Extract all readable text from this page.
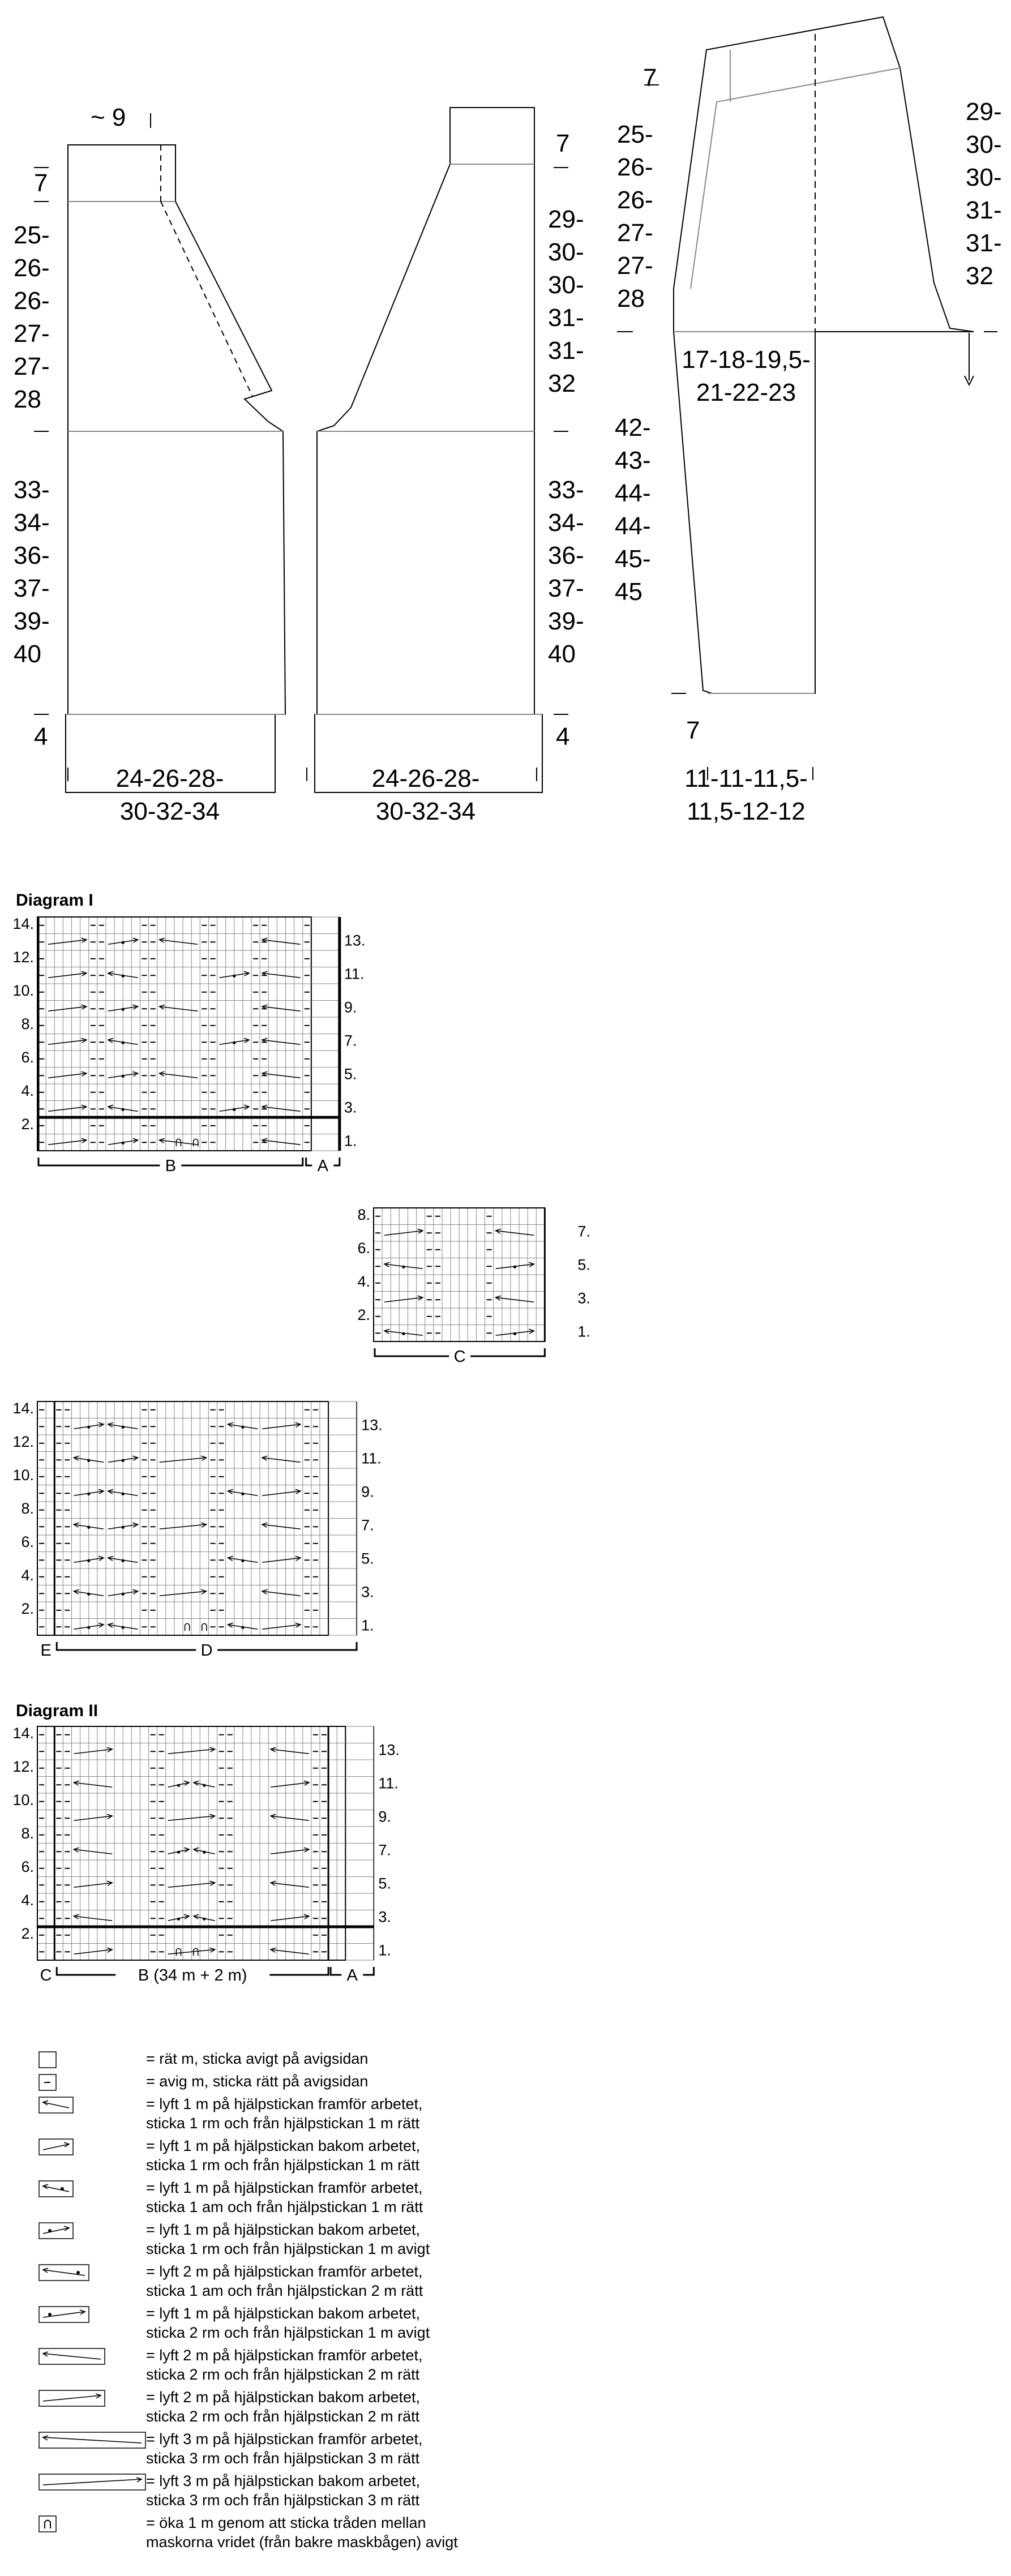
~ 9
7
7
4	4
7
7
25-
26-
26-
27-
27-
28
33-
34-
36-
37-
39-
40
29-
30-
30-
31-
31-
32
33-
34-
36-
37-
39-
40
24-26-28-
30-32-34
24-26-28-
30-32-34
25-
26-
26-
27-
27-
28
29-
30-
30-
31-
31-
32
17-18-19,5-
21-22-23
42-
43-
44-
44-
45-
45
11-11-11,5-
11,5-12-12
Diagram I
14.
12.
10.
8.
6.
4.
2.
13.
11.
9.
7.
5.
3.
1.
B	A
8.
6.
4.
2.
7.
5.
3.
1.
C
14.
12.
10.
8.
6.
4.
2.
13.
11.
9.
7.
5.
3.
1.
E	D
Diagram II
14.
12.
10.
8.
6.
4.
2.
13.
11.
9.
7.
5.
3.
1.
C	B (34 m + 2 m)	A
= rät m, sticka avigt på avigsidan
= avig m, sticka rätt på avigsidan
= lyft 1 m på hjälpstickan framför arbetet,
sticka 1 rm och från hjälpstickan 1 m rätt
= lyft 1 m på hjälpstickan bakom arbetet,
sticka 1 rm och från hjälpstickan 1 m rätt
= lyft 1 m på hjälpstickan framför arbetet,
sticka 1 am och från hjälpstickan 1 m rätt
= lyft 1 m på hjälpstickan bakom arbetet,
sticka 1 rm och från hjälpstickan 1 m avigt
= lyft 2 m på hjälpstickan framför arbetet,
sticka 1 am och från hjälpstickan 2 m rätt
= lyft 1 m på hjälpstickan bakom arbetet,
sticka 2 rm och från hjälpstickan 1 m avigt
= lyft 2 m på hjälpstickan framför arbetet,
sticka 2 rm och från hjälpstickan 2 m rätt
= lyft 2 m på hjälpstickan bakom arbetet,
sticka 2 rm och från hjälpstickan 2 m rätt
= lyft 3 m på hjälpstickan framför arbetet,
sticka 3 rm och från hjälpstickan 3 m rätt
= lyft 3 m på hjälpstickan bakom arbetet,
sticka 3 rm och från hjälpstickan 3 m rätt
= öka 1 m genom att sticka tråden mellan
maskorna vridet (från bakre maskbågen) avigt
